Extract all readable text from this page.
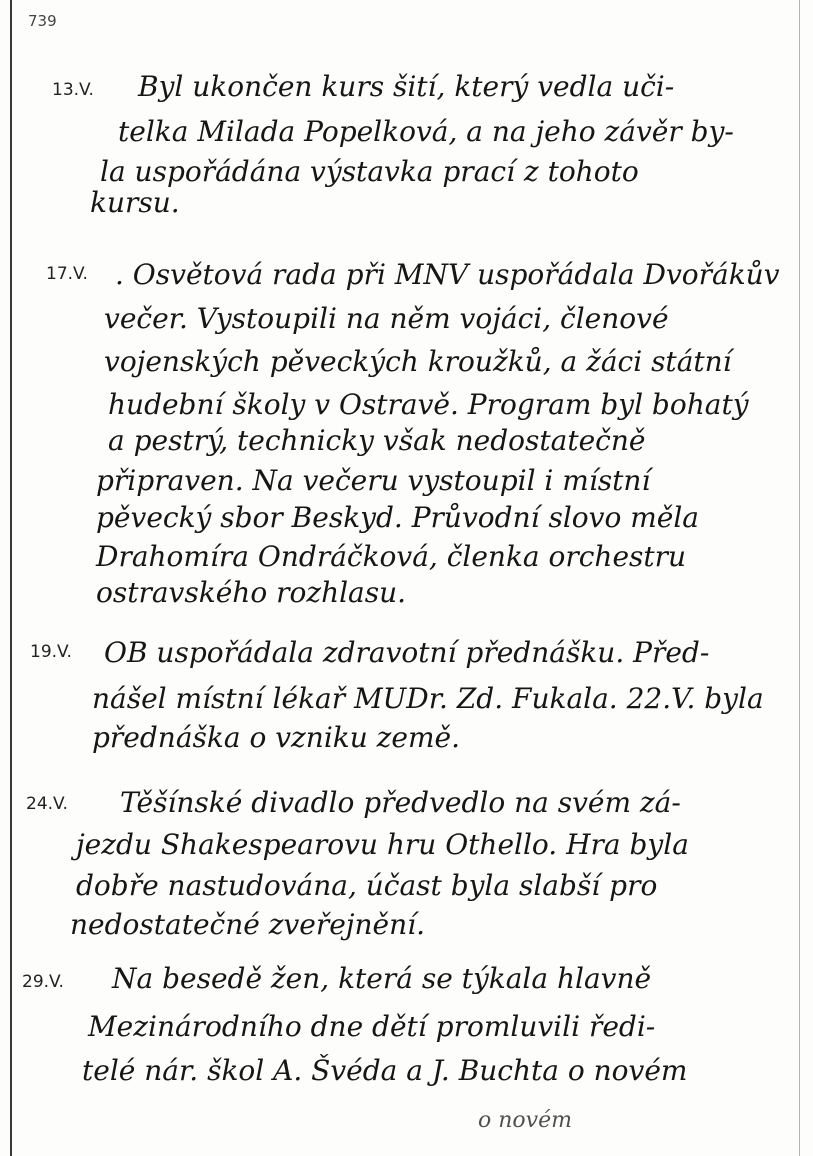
739
13.V. Byl ukončen kurs šití, který vedla uči-
telka Milada Popelková, a na jeho závěr by-
la uspořádána výstavka prací z tohoto
kursu.
17.V. . Osvětová rada při MNV uspořádala Dvořákův
večer. Vystoupili na něm vojáci, členové
vojenských pěveckých kroužků, a žáci státní
hudební školy v Ostravě. Program byl bohatý
a pestrý, technicky však nedostatečně
připraven. Na večeru vystoupil i místní
pěvecký sbor Beskyd. Průvodní slovo měla
Drahomíra Ondráčková, členka orchestru
ostravského rozhlasu.
19.V. OB uspořádala zdravotní přednášku. Před-
nášel místní lékař MUDr. Zd. Fukala. 22.V. byla
přednáška o vzniku země.
24.V. Těšínské divadlo předvedlo na svém zá-
jezdu Shakespearovu hru Othello. Hra byla
dobře nastudována, účast byla slabší pro
nedostatečné zveřejnění.
29.V. Na besedě žen, která se týkala hlavně
Mezinárodního dne dětí promluvili ředi-
telé nár. škol A. Švéda a J. Buchta o novém
o novém
